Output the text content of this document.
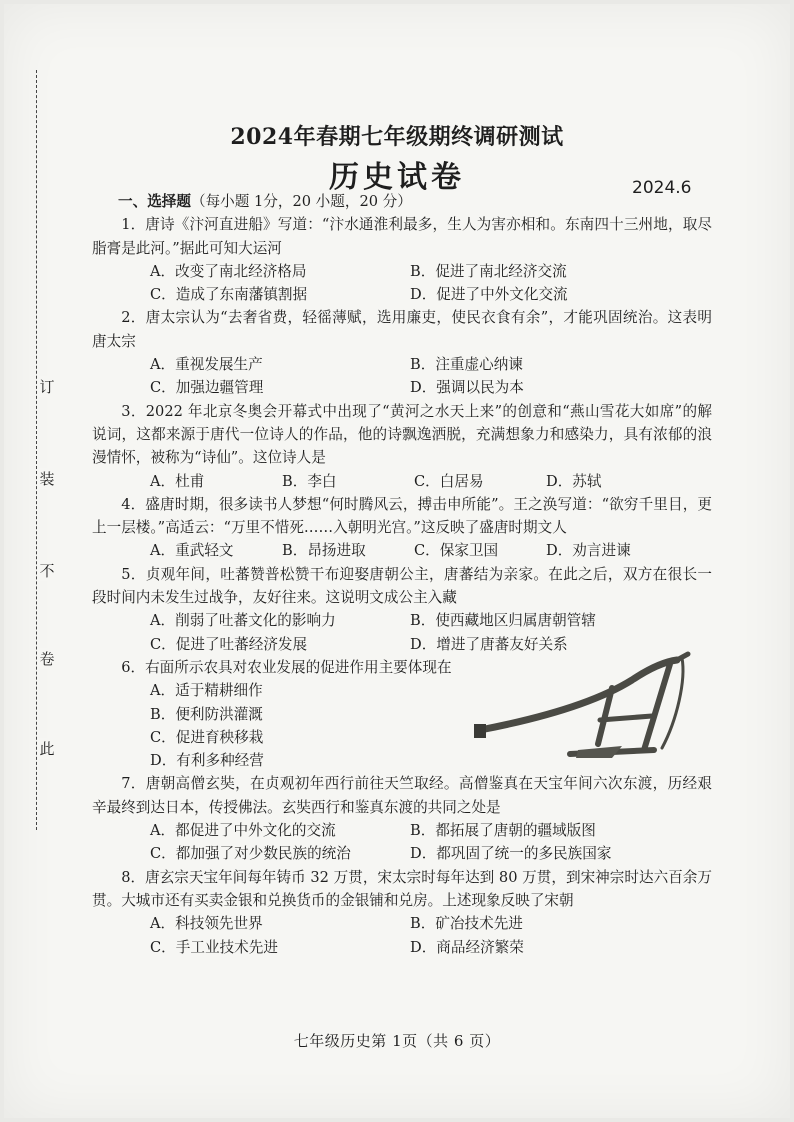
此
卷
不
装
订
2024年春期七年级期终调研测试
历史试卷	2024.6

一、选择题（每小题 1分，20 小题，20 分）

1．唐诗《汴河直进船》写道：“汴水通淮利最多，生人为害亦相和。东南四十三州地，取尽脂膏是此河。”据此可知大运河

A．改变了南北经济格局	B．促进了南北经济交流
C．造成了东南藩镇割据	D．促进了中外文化交流

2．唐太宗认为“去奢省费，轻徭薄赋，选用廉吏，使民衣食有余”，才能巩固统治。这表明唐太宗

A．重视发展生产	B．注重虚心纳谏
C．加强边疆管理	D．强调以民为本

3．2022 年北京冬奥会开幕式中出现了“黄河之水天上来”的创意和“燕山雪花大如席”的解说词，这都来源于唐代一位诗人的作品，他的诗飘逸洒脱，充满想象力和感染力，具有浓郁的浪漫情怀，被称为“诗仙”。这位诗人是

A．杜甫	B．李白	C．白居易	D．苏轼

4．盛唐时期，很多读书人梦想“何时腾风云，搏击申所能”。王之涣写道：“欲穷千里目，更上一层楼。”高适云：“万里不惜死……入朝明光宫。”这反映了盛唐时期文人

A．重武轻文	B．昂扬进取	C．保家卫国	D．劝言进谏

5．贞观年间，吐蕃赞普松赞干布迎娶唐朝公主，唐蕃结为亲家。在此之后，双方在很长一段时间内未发生过战争，友好往来。这说明文成公主入藏

A．削弱了吐蕃文化的影响力	B．使西藏地区归属唐朝管辖
C．促进了吐蕃经济发展	D．增进了唐蕃友好关系

6．右面所示农具对农业发展的促进作用主要体现在

A．适于精耕细作
B．便利防洪灌溉
C．促进育秧移栽
D．有利多种经营

7．唐朝高僧玄奘，在贞观初年西行前往天竺取经。高僧鉴真在天宝年间六次东渡，历经艰辛最终到达日本，传授佛法。玄奘西行和鉴真东渡的共同之处是

A．都促进了中外文化的交流	B．都拓展了唐朝的疆域版图
C．都加强了对少数民族的统治	D．都巩固了统一的多民族国家

8．唐玄宗天宝年间每年铸币 32 万贯，宋太宗时每年达到 80 万贯，到宋神宗时达六百余万贯。大城市还有买卖金银和兑换货币的金银铺和兑房。上述现象反映了宋朝

A．科技领先世界	B．矿冶技术先进
C．手工业技术先进	D．商品经济繁荣
七年级历史第 1页（共 6 页）
